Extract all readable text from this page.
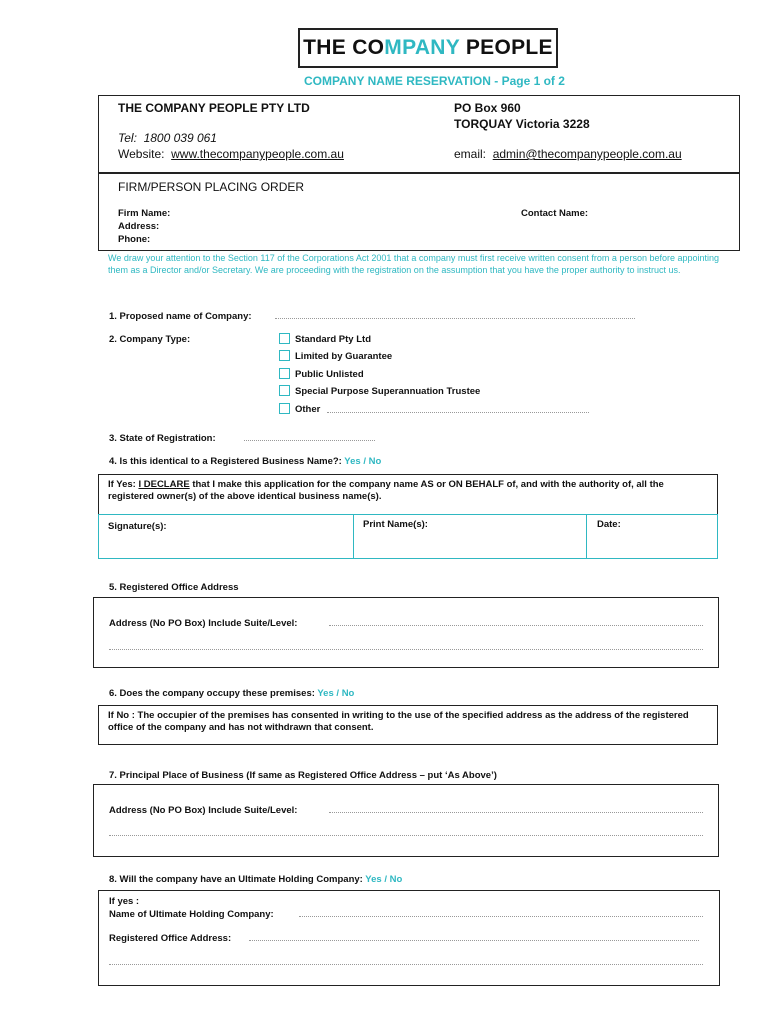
THE COMPANY PEOPLE
COMPANY NAME RESERVATION - Page 1 of 2
THE COMPANY PEOPLE PTY LTD	PO Box 960
TORQUAY Victoria 3228
Tel: 1800 039 061
Website: www.thecompanypeople.com.au	email: admin@thecompanypeople.com.au
FIRM/PERSON PLACING ORDER
Firm Name:
Address:
Phone:
Contact Name:
We draw your attention to the Section 117 of the Corporations Act 2001 that a company must first receive written consent from a person before appointing them as a Director and/or Secretary. We are proceeding with the registration on the assumption that you have the proper authority to instruct us.
1. Proposed name of Company:
2. Company Type:	Standard Pty Ltd
Limited by Guarantee
Public Unlisted
Special Purpose Superannuation Trustee
Other
3. State of Registration:
4. Is this identical to a Registered Business Name?: Yes / No
If Yes: I DECLARE that I make this application for the company name AS or ON BEHALF of, and with the authority of, all the registered owner(s) of the above identical business name(s).
Signature(s):	Print Name(s):	Date:
5. Registered Office Address
Address (No PO Box) Include Suite/Level:
6. Does the company occupy these premises: Yes / No
If No : The occupier of the premises has consented in writing to the use of the specified address as the address of the registered office of the company and has not withdrawn that consent.
7. Principal Place of Business (If same as Registered Office Address – put ‘As Above’)
Address (No PO Box) Include Suite/Level:
8. Will the company have an Ultimate Holding Company: Yes / No
If yes :
Name of Ultimate Holding Company:
Registered Office Address:
